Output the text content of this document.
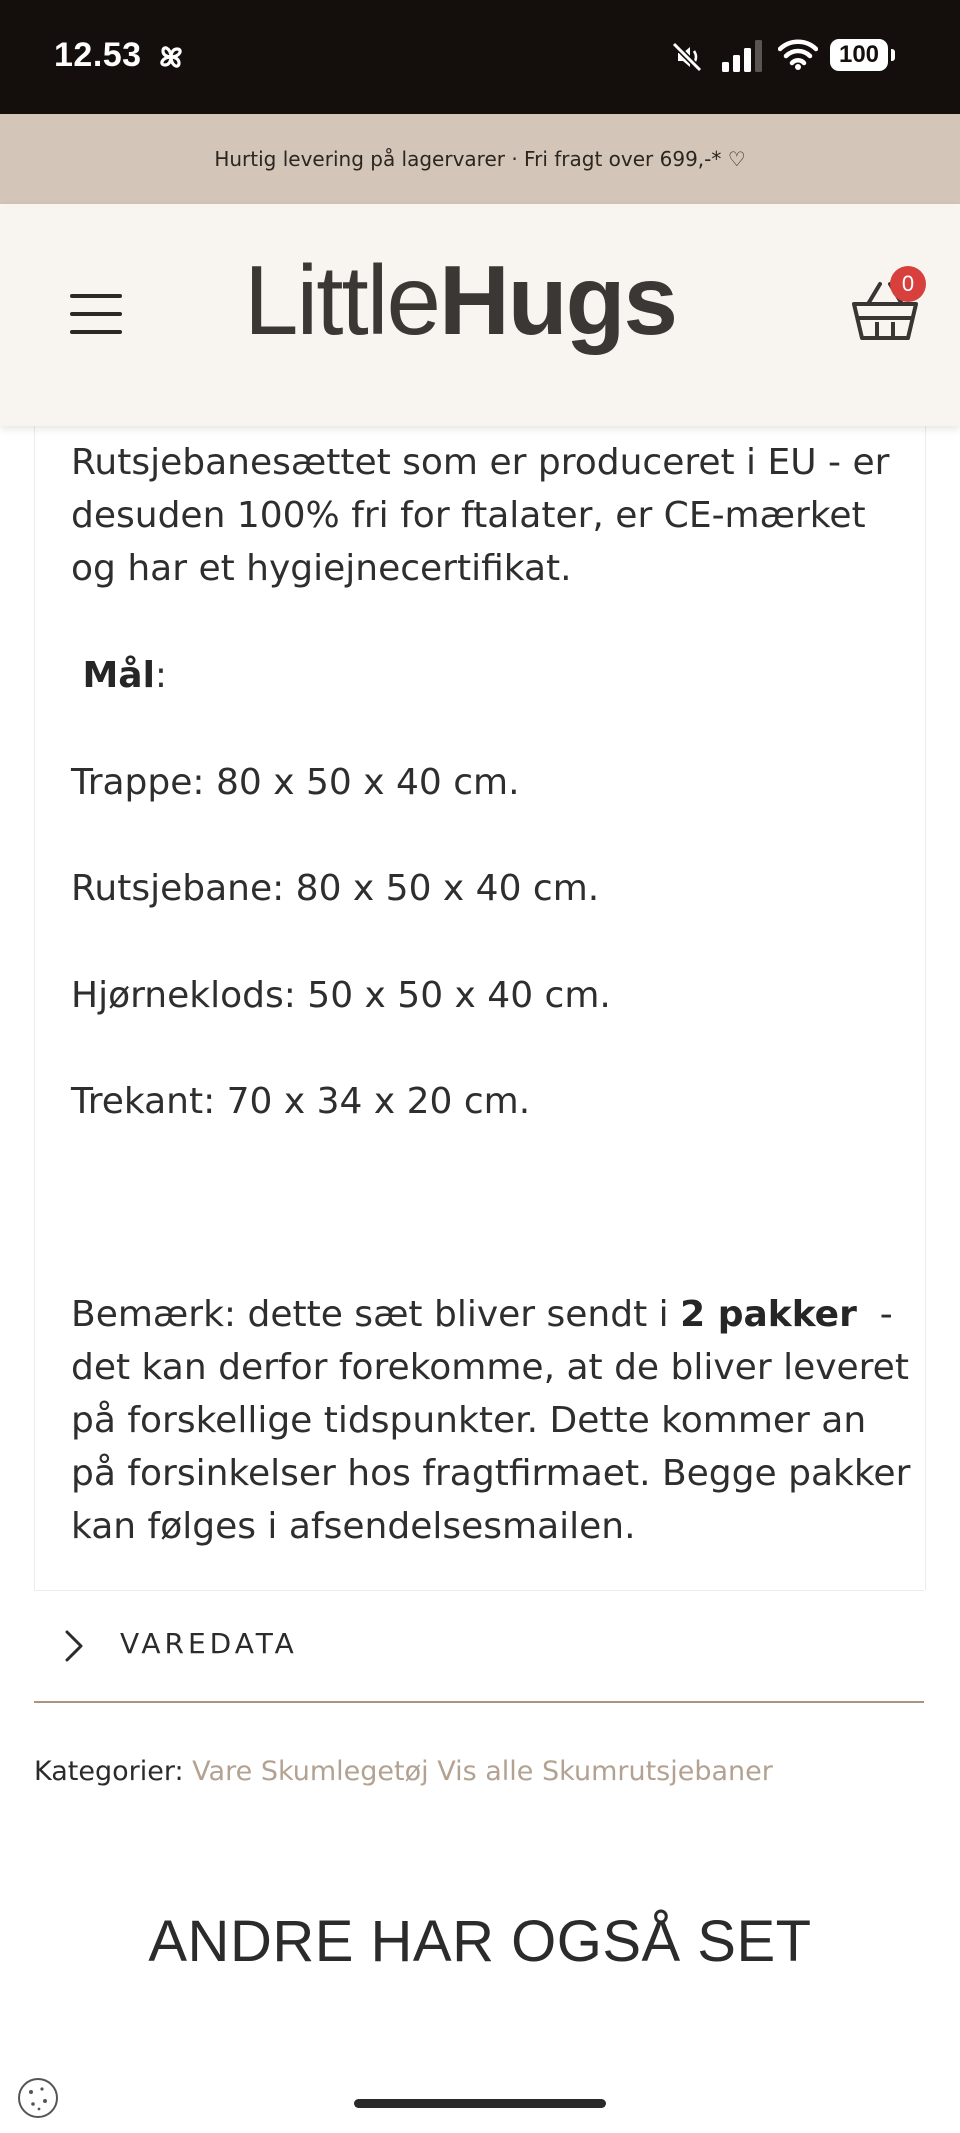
12.53	100
Hurtig levering på lagervarer · Fri fragt over 699,-* ♡
LittleHugs	0
Rutsjebanesættet som er produceret i EU - er desuden 100% fri for ftalater, er CE-mærket og har et hygiejnecertifikat.
Mål:
Trappe: 80 x 50 x 40 cm.
Rutsjebane: 80 x 50 x 40 cm.
Hjørneklods: 50 x 50 x 40 cm.
Trekant: 70 x 34 x 20 cm.
Bemærk: dette sæt bliver sendt i 2 pakker  - det kan derfor forekomme, at de bliver leveret på forskellige tidspunkter. Dette kommer an på forsinkelser hos fragtfirmaet. Begge pakker kan følges i afsendelsesmailen.
VAREDATA
Kategorier: Vare Skumlegetøj Vis alle Skumrutsjebaner
ANDRE HAR OGSÅ SET
